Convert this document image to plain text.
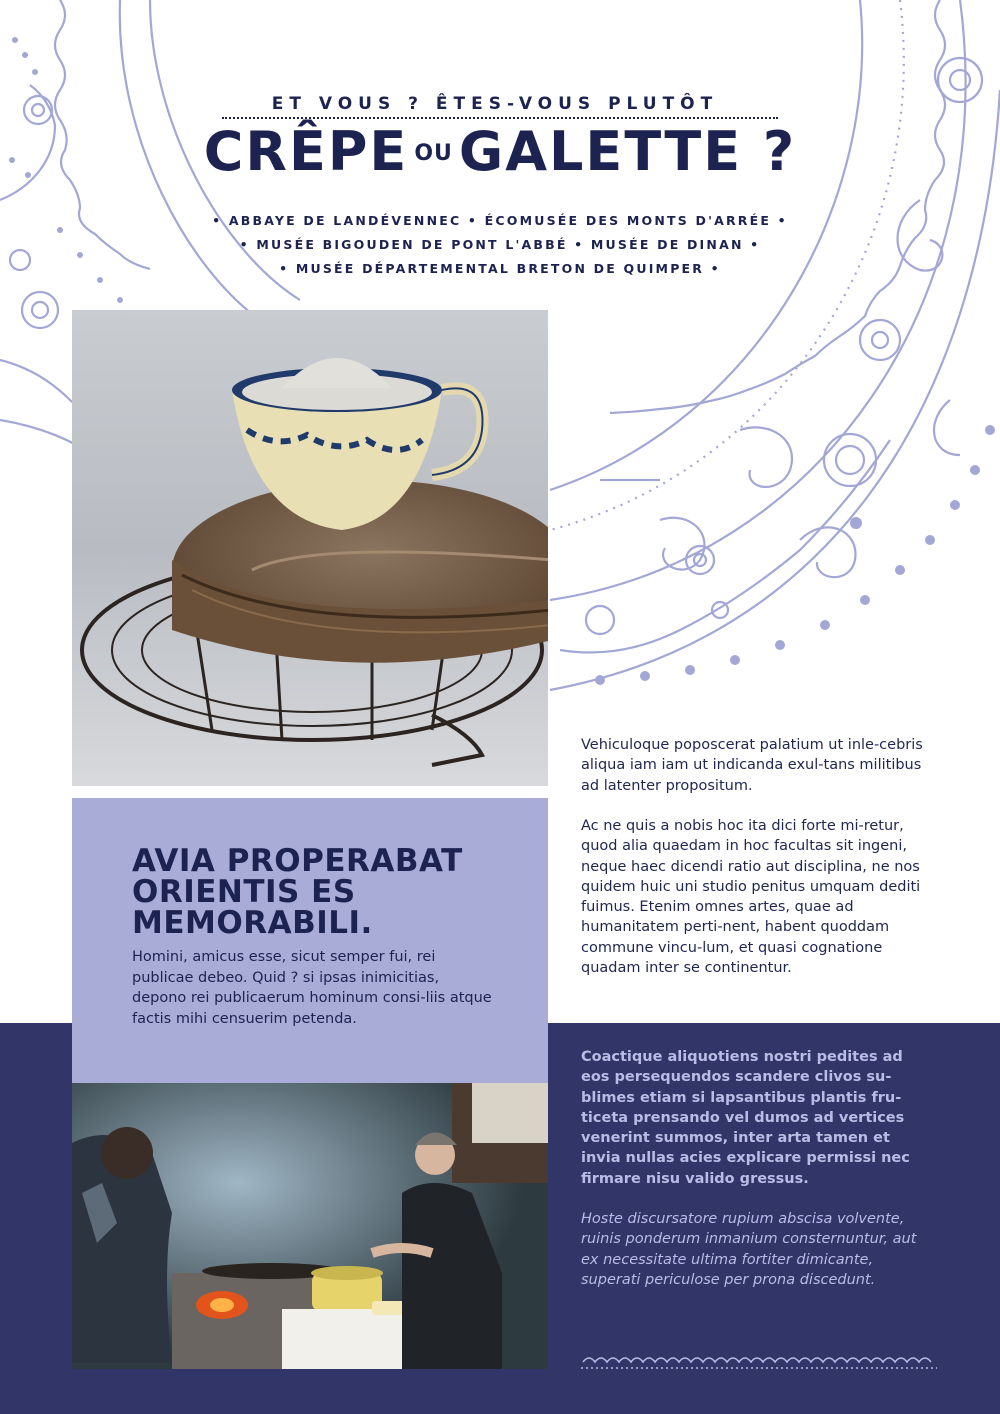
ET VOUS ? ÊTES-VOUS PLUTÔT
CRÊPE OU GALETTE ?
• ABBAYE DE LANDÉVENNEC • ÉCOMUSÉE DES MONTS D'ARRÉE •
• MUSÉE BIGOUDEN DE PONT L'ABBÉ • MUSÉE DE DINAN •
• MUSÉE DÉPARTEMENTAL BRETON DE QUIMPER •
AVIA PROPERABAT
ORIENTIS ES
MEMORABILI.
Homini, amicus esse, sicut semper fui, rei publicae debeo. Quid ? si ipsas inimicitias, depono rei publicaerum hominum consi-liis atque factis mihi censuerim petenda.
Vehiculoque poposcerat palatium ut inle-cebris aliqua iam iam ut indicanda exul-tans militibus ad latenter propositum.
Ac ne quis a nobis hoc ita dici forte mi-retur, quod alia quaedam in hoc facultas sit ingeni, neque haec dicendi ratio aut disciplina, ne nos quidem huic uni studio penitus umquam dediti fuimus. Etenim omnes artes, quae ad humanitatem perti-nent, habent quoddam commune vincu-lum, et quasi cognatione quadam inter se continentur.
Coactique aliquotiens nostri pedites ad eos persequendos scandere clivos su-blimes etiam si lapsantibus plantis fru-ticeta prensando vel dumos ad vertices venerint summos, inter arta tamen et invia nullas acies explicare permissi nec firmare nisu valido gressus.
Hoste discursatore rupium abscisa volvente, ruinis ponderum inmanium consternuntur, aut ex necessitate ultima fortiter dimicante, superati periculose per prona discedunt.
